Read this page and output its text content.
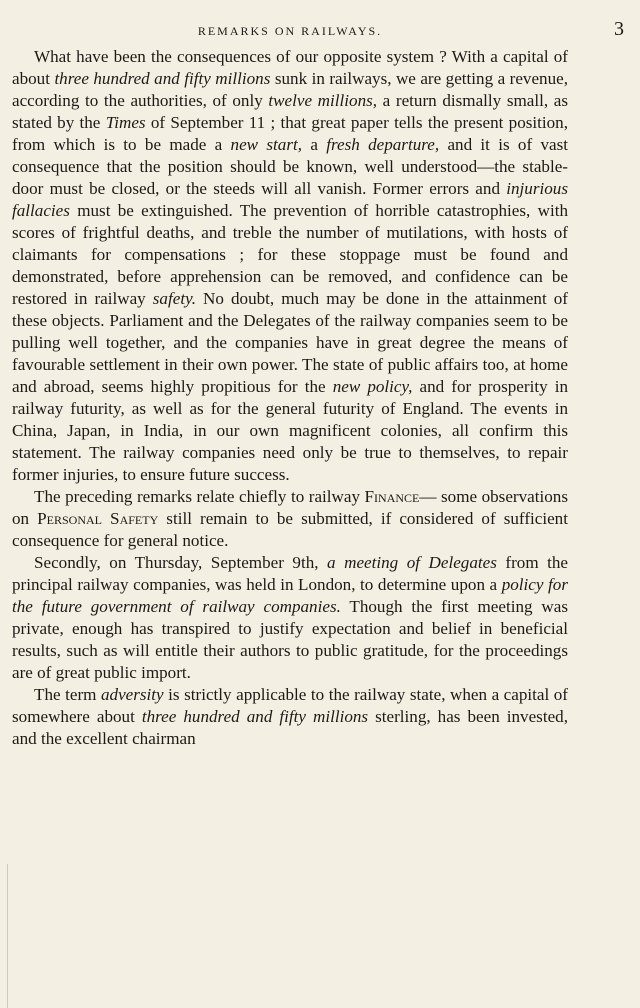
REMARKS ON RAILWAYS.	3

What have been the consequences of our opposite system ? With a capital of about three hundred and fifty millions sunk in railways, we are getting a revenue, according to the authorities, of only twelve millions, a return dismally small, as stated by the Times of September 11 ; that great paper tells the present position, from which is to be made a new start, a fresh departure, and it is of vast consequence that the position should be known, well understood—the stable-door must be closed, or the steeds will all vanish. Former errors and injurious fallacies must be extinguished. The prevention of horrible catastrophies, with scores of frightful deaths, and treble the number of mutilations, with hosts of claimants for compensations ; for these stoppage must be found and demonstrated, before apprehension can be removed, and confidence can be restored in railway safety. No doubt, much may be done in the attainment of these objects. Parliament and the Delegates of the railway companies seem to be pulling well together, and the companies have in great degree the means of favourable settlement in their own power. The state of public affairs too, at home and abroad, seems highly propitious for the new policy, and for prosperity in railway futurity, as well as for the general futurity of England. The events in China, Japan, in India, in our own magnificent colonies, all confirm this statement. The railway companies need only be true to themselves, to repair former injuries, to ensure future success.

The preceding remarks relate chiefly to railway Finance— some observations on Personal Safety still remain to be submitted, if considered of sufficient consequence for general notice.

Secondly, on Thursday, September 9th, a meeting of Delegates from the principal railway companies, was held in London, to determine upon a policy for the future government of railway companies. Though the first meeting was private, enough has transpired to justify expectation and belief in beneficial results, such as will entitle their authors to public gratitude, for the proceedings are of great public import.

The term adversity is strictly applicable to the railway state, when a capital of somewhere about three hundred and fifty millions sterling, has been invested, and the excellent chairman
